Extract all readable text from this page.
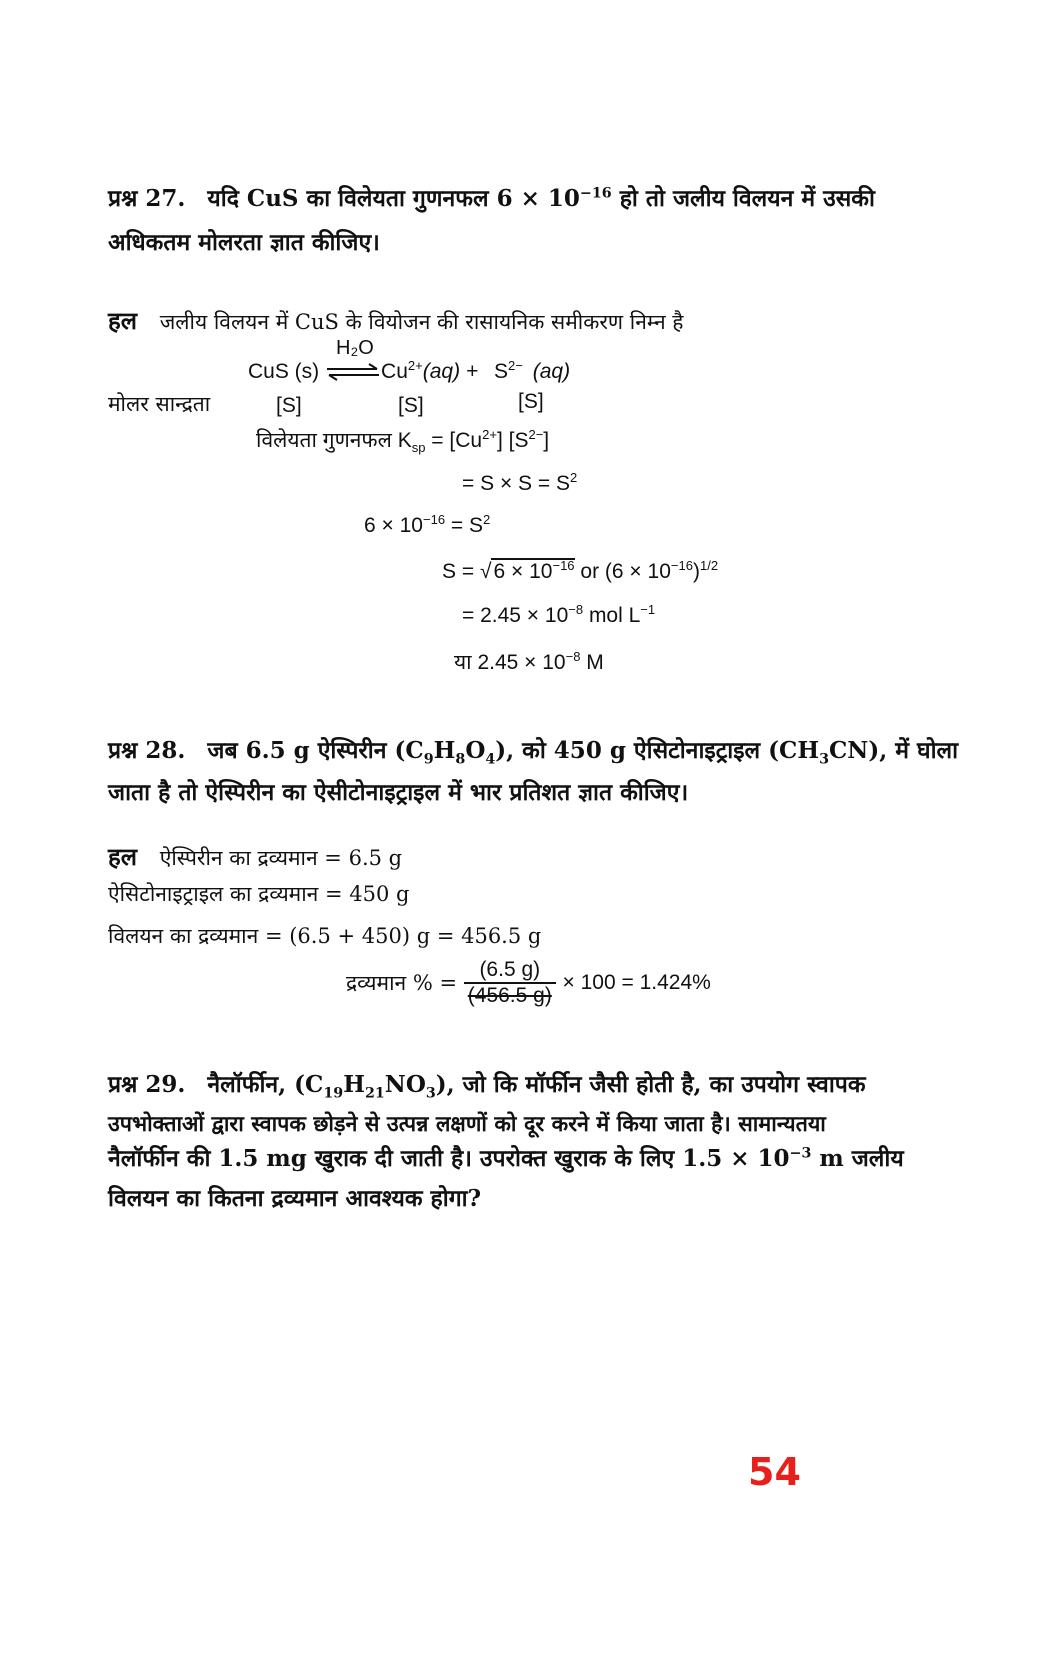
प्रश्न 27. यदि CuS का विलेयता गुणनफल $6 \times 10^{-16}$ हो तो जलीय विलयन में उसकी
अधिकतम मोलरता ज्ञात कीजिए।
हल जलीय विलयन में CuS के वियोजन की रासायनिक समीकरण निम्न है
H₂O
CuS (s) $\rightleftharpoons Cu^{2+}(aq) + S^{2-}$ (aq)
मोलर सान्द्रता	[S]	[S]	[S]
विलेयता गुणनफल $K_{sp} = [Cu^{2+}]$ $[S^{2-}]$
= $S \times S = S^2$
$6 \times 10^{-16} = S^2$
$S = √6 \times 10^{-16}$ or $(6 \times 10^{-16})^{1/2}$
= $2.45 \times 10^{-8}$ mol $L^{-1}$
या $2.45 \times 10^{-8}$ M
प्रश्न 28. जब 6.5 g ऐस्पिरीन $(C_9H_8O_4)$, को 450 g ऐसिटोनाइट्राइल $(CH_3CN)$, में घोला
जाता है तो ऐस्पिरीन का ऐसीटोनाइट्राइल में भार प्रतिशत ज्ञात कीजिए।
हल ऐस्पिरीन का द्रव्यमान = 6.5 g
ऐसिटोनाइट्राइल का द्रव्यमान = 450 g
विलयन का द्रव्यमान = (6.5 + 450) g = 456.5 g
द्रव्यमान % = $\frac{(6.5 g)}{(456.5 g)} \times 100 = 1.424\%$
प्रश्न 29. नैलॉर्फीन, $(C_{19}H_{21}NO_3)$, जो कि मॉर्फीन जैसी होती है, का उपयोग स्वापक
उपभोक्ताओं द्वारा स्वापक छोड़ने से उत्पन्न लक्षणों को दूर करने में किया जाता है। सामान्यतया
नैलॉर्फीन की 1.5 mg खुराक दी जाती है। उपरोक्त खुराक के लिए $1.5 \times 10^{-3}$ m जलीय
विलयन का कितना द्रव्यमान आवश्यक होगा?
54
